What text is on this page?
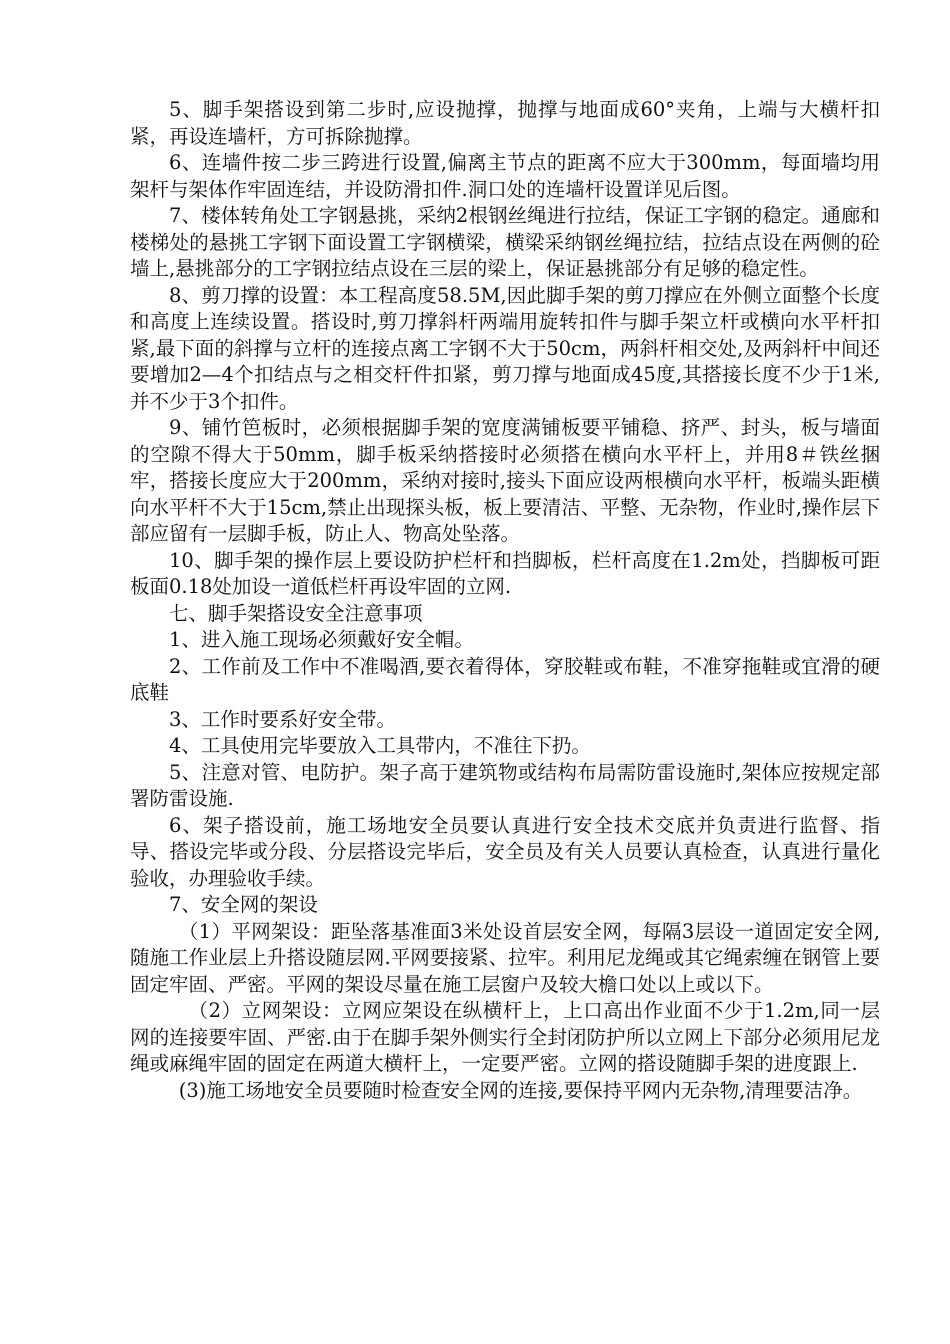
5、脚手架搭设到第二步时,应设抛撑，抛撑与地面成60°夹角，上端与大横杆扣紧，再设连墙杆，方可拆除抛撑。

6、连墙件按二步三跨进行设置,偏离主节点的距离不应大于300mm，每面墙均用架杆与架体作牢固连结，并设防滑扣件.洞口处的连墙杆设置详见后图。

7、楼体转角处工字钢悬挑，采纳2根钢丝绳进行拉结，保证工字钢的稳定。通廊和楼梯处的悬挑工字钢下面设置工字钢横梁，横梁采纳钢丝绳拉结，拉结点设在两侧的砼墙上,悬挑部分的工字钢拉结点设在三层的梁上，保证悬挑部分有足够的稳定性。

8、剪刀撑的设置：本工程高度58.5M,因此脚手架的剪刀撑应在外侧立面整个长度和高度上连续设置。搭设时,剪刀撑斜杆两端用旋转扣件与脚手架立杆或横向水平杆扣紧,最下面的斜撑与立杆的连接点离工字钢不大于50cm，两斜杆相交处,及两斜杆中间还要增加2—4个扣结点与之相交杆件扣紧，剪刀撑与地面成45度,其搭接长度不少于1米,并不少于3个扣件。

9、铺竹笆板时，必须根据脚手架的宽度满铺板要平铺稳、挤严、封头，板与墙面的空隙不得大于50mm，脚手板采纳搭接时必须搭在横向水平杆上，并用8＃铁丝捆牢，搭接长度应大于200mm，采纳对接时,接头下面应设两根横向水平杆，板端头距横向水平杆不大于15cm,禁止出现探头板，板上要清洁、平整、无杂物，作业时,操作层下部应留有一层脚手板，防止人、物高处坠落。

10、脚手架的操作层上要设防护栏杆和挡脚板，栏杆高度在1.2m处，挡脚板可距板面0.18处加设一道低栏杆再设牢固的立网.

七、脚手架搭设安全注意事项

1、进入施工现场必须戴好安全帽。

2、工作前及工作中不准喝酒,要衣着得体，穿胶鞋或布鞋，不准穿拖鞋或宜滑的硬底鞋

3、工作时要系好安全带。

4、工具使用完毕要放入工具带内，不准往下扔。

5、注意对管、电防护。架子高于建筑物或结构布局需防雷设施时,架体应按规定部署防雷设施.

6、架子搭设前，施工场地安全员要认真进行安全技术交底并负责进行监督、指导、搭设完毕或分段、分层搭设完毕后，安全员及有关人员要认真检查，认真进行量化验收，办理验收手续。

7、安全网的架设

（1）平网架设：距坠落基准面3米处设首层安全网，每隔3层设一道固定安全网,随施工作业层上升搭设随层网.平网要接紧、拉牢。利用尼龙绳或其它绳索缠在钢管上要固定牢固、严密。平网的架设尽量在施工层窗户及较大檐口处以上或以下。

（2）立网架设：立网应架设在纵横杆上，上口高出作业面不少于1.2m,同一层网的连接要牢固、严密.由于在脚手架外侧实行全封闭防护所以立网上下部分必须用尼龙绳或麻绳牢固的固定在两道大横杆上，一定要严密。立网的搭设随脚手架的进度跟上.

(3)施工场地安全员要随时检查安全网的连接,要保持平网内无杂物,清理要洁净。
